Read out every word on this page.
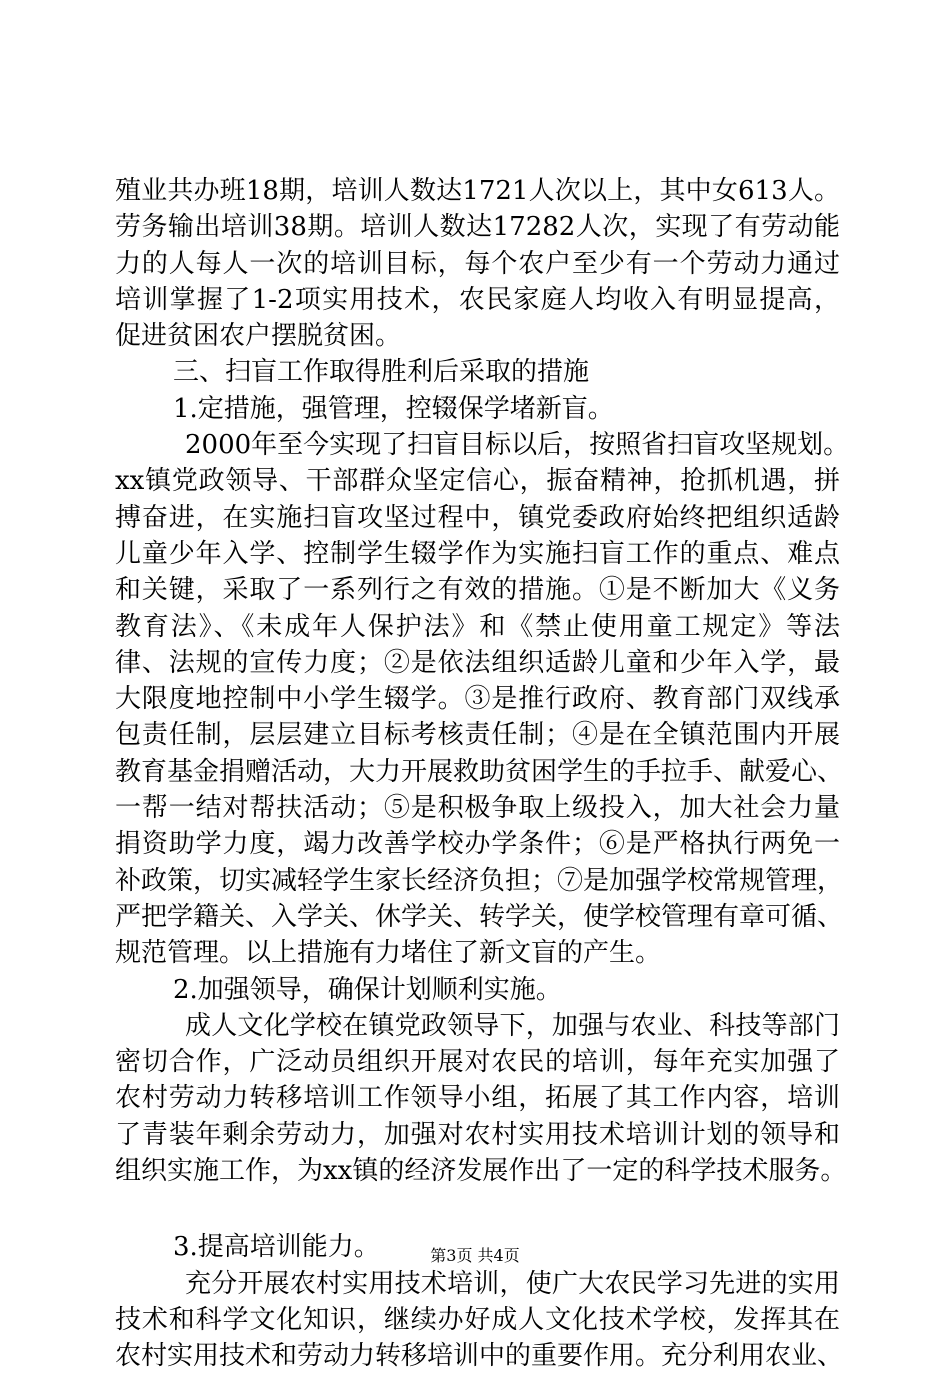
殖业共办班18期，培训人数达1721人次以上，其中女613人。
劳务输出培训38期。培训人数达17282人次，实现了有劳动能
力的人每人一次的培训目标，每个农户至少有一个劳动力通过
培训掌握了1-2项实用技术，农民家庭人均收入有明显提高，
促进贫困农户摆脱贫困。
三、扫盲工作取得胜利后采取的措施
1.定措施，强管理，控辍保学堵新盲。
2000年至今实现了扫盲目标以后，按照省扫盲攻坚规划。
xx镇党政领导、干部群众坚定信心，振奋精神，抢抓机遇，拼
搏奋进，在实施扫盲攻坚过程中，镇党委政府始终把组织适龄
儿童少年入学、控制学生辍学作为实施扫盲工作的重点、难点
和关键，采取了一系列行之有效的措施。①是不断加大《义务
教育法》、《未成年人保护法》和《禁止使用童工规定》等法
律、法规的宣传力度；②是依法组织适龄儿童和少年入学，最
大限度地控制中小学生辍学。③是推行政府、教育部门双线承
包责任制，层层建立目标考核责任制；④是在全镇范围内开展
教育基金捐赠活动，大力开展救助贫困学生的手拉手、献爱心、
一帮一结对帮扶活动；⑤是积极争取上级投入，加大社会力量
捐资助学力度，竭力改善学校办学条件；⑥是严格执行两免一
补政策，切实减轻学生家长经济负担；⑦是加强学校常规管理，
严把学籍关、入学关、休学关、转学关，使学校管理有章可循、
规范管理。以上措施有力堵住了新文盲的产生。
2.加强领导，确保计划顺利实施。
成人文化学校在镇党政领导下，加强与农业、科技等部门
密切合作，广泛动员组织开展对农民的培训，每年充实加强了
农村劳动力转移培训工作领导小组，拓展了其工作内容，培训
了青装年剩余劳动力，加强对农村实用技术培训计划的领导和
组织实施工作，为xx镇的经济发展作出了一定的科学技术服务。
3.提高培训能力。
充分开展农村实用技术培训，使广大农民学习先进的实用
技术和科学文化知识，继续办好成人文化技术学校，发挥其在
农村实用技术和劳动力转移培训中的重要作用。充分利用农业、
第3页 共4页
